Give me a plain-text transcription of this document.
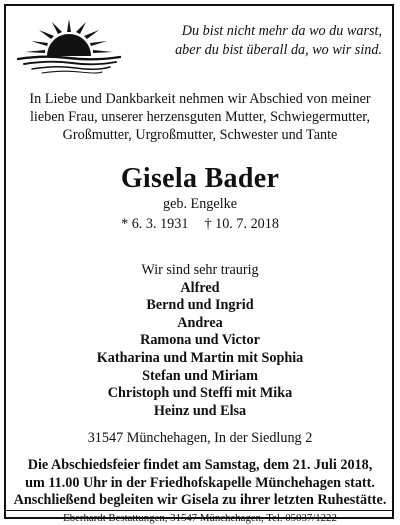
Du bist nicht mehr da wo du warst,
aber du bist überall da, wo wir sind.
In Liebe und Dankbarkeit nehmen wir Abschied von meiner
lieben Frau, unserer herzensguten Mutter, Schwiegermutter,
Großmutter, Urgroßmutter, Schwester und Tante
Gisela Bader
geb. Engelke
* 6. 3. 1931 † 10. 7. 2018
Wir sind sehr traurig
Alfred
Bernd und Ingrid
Andrea
Ramona und Victor
Katharina und Martin mit Sophia
Stefan und Miriam
Christoph und Steffi mit Mika
Heinz und Elsa
31547 Münchehagen, In der Siedlung 2
Die Abschiedsfeier findet am Samstag, dem 21. Juli 2018,
um 11.00 Uhr in der Friedhofskapelle Münchehagen statt.
Anschließend begleiten wir Gisela zu ihrer letzten Ruhestätte.
Eberhardt Bestattungen, 31547 Münchehagen, Tel. 05037/1222
